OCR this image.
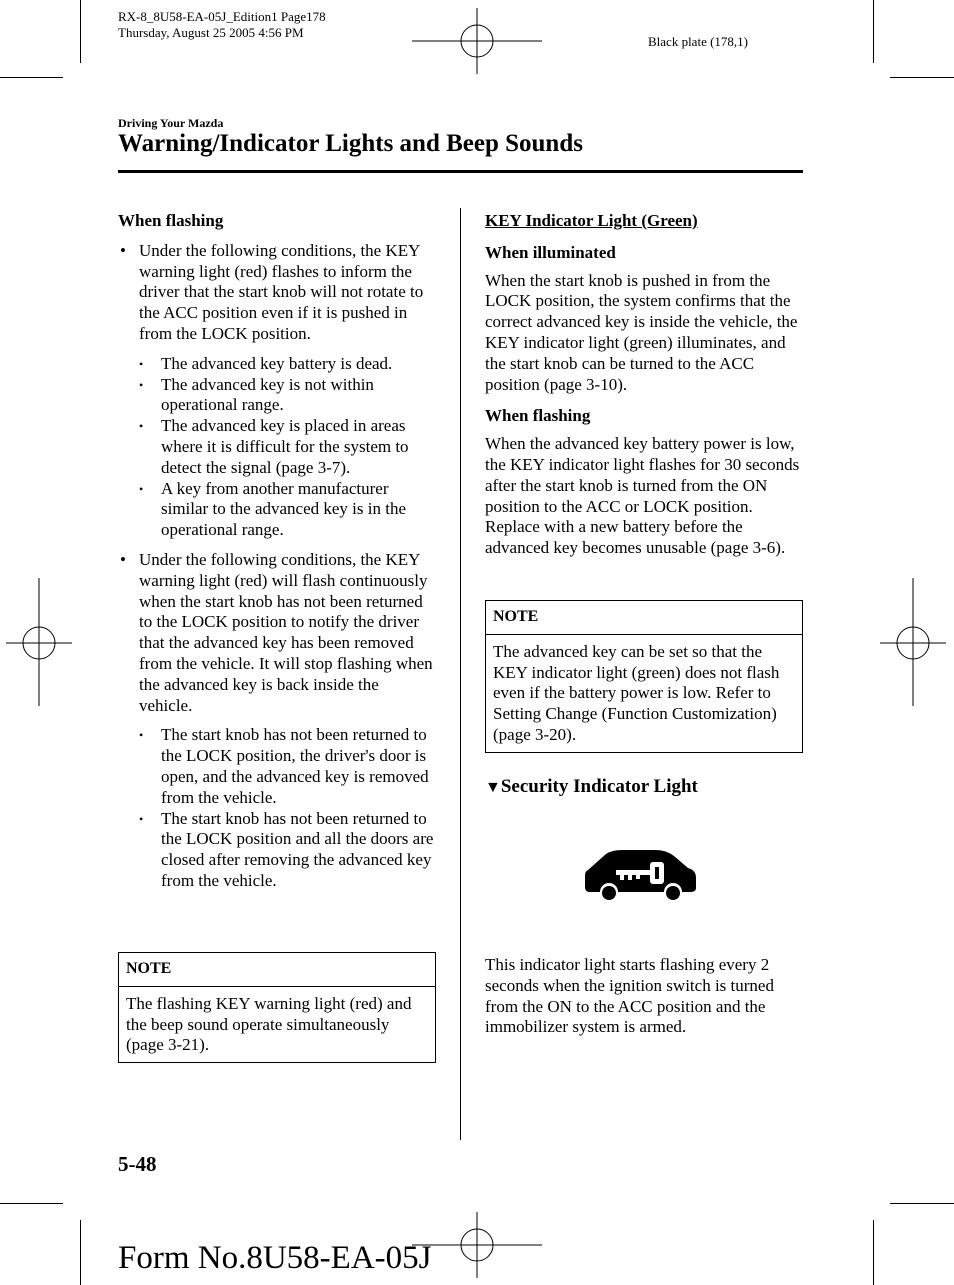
RX-8_8U58-EA-05J_Edition1 Page178
Thursday, August 25 2005 4:56 PM
Black plate (178,1)
Driving Your Mazda
Warning/Indicator Lights and Beep Sounds
When flashing
• Under the following conditions, the KEY warning light (red) flashes to inform the driver that the start knob will not rotate to the ACC position even if it is pushed in from the LOCK position.
• The advanced key battery is dead.
• The advanced key is not within operational range.
• The advanced key is placed in areas where it is difficult for the system to detect the signal (page 3-7).
• A key from another manufacturer similar to the advanced key is in the operational range.
• Under the following conditions, the KEY warning light (red) will flash continuously when the start knob has not been returned to the LOCK position to notify the driver that the advanced key has been removed from the vehicle. It will stop flashing when the advanced key is back inside the vehicle.
• The start knob has not been returned to the LOCK position, the driver's door is open, and the advanced key is removed from the vehicle.
• The start knob has not been returned to the LOCK position and all the doors are closed after removing the advanced key from the vehicle.
NOTE
The flashing KEY warning light (red) and the beep sound operate simultaneously (page 3-21).
KEY Indicator Light (Green)
When illuminated
When the start knob is pushed in from the LOCK position, the system confirms that the correct advanced key is inside the vehicle, the KEY indicator light (green) illuminates, and the start knob can be turned to the ACC position (page 3-10).
When flashing
When the advanced key battery power is low, the KEY indicator light flashes for 30 seconds after the start knob is turned from the ON position to the ACC or LOCK position. Replace with a new battery before the advanced key becomes unusable (page 3-6).
NOTE
The advanced key can be set so that the KEY indicator light (green) does not flash even if the battery power is low. Refer to Setting Change (Function Customization)(page 3-20).
▼Security Indicator Light
This indicator light starts flashing every 2 seconds when the ignition switch is turned from the ON to the ACC position and the immobilizer system is armed.
5-48
Form No.8U58-EA-05J
